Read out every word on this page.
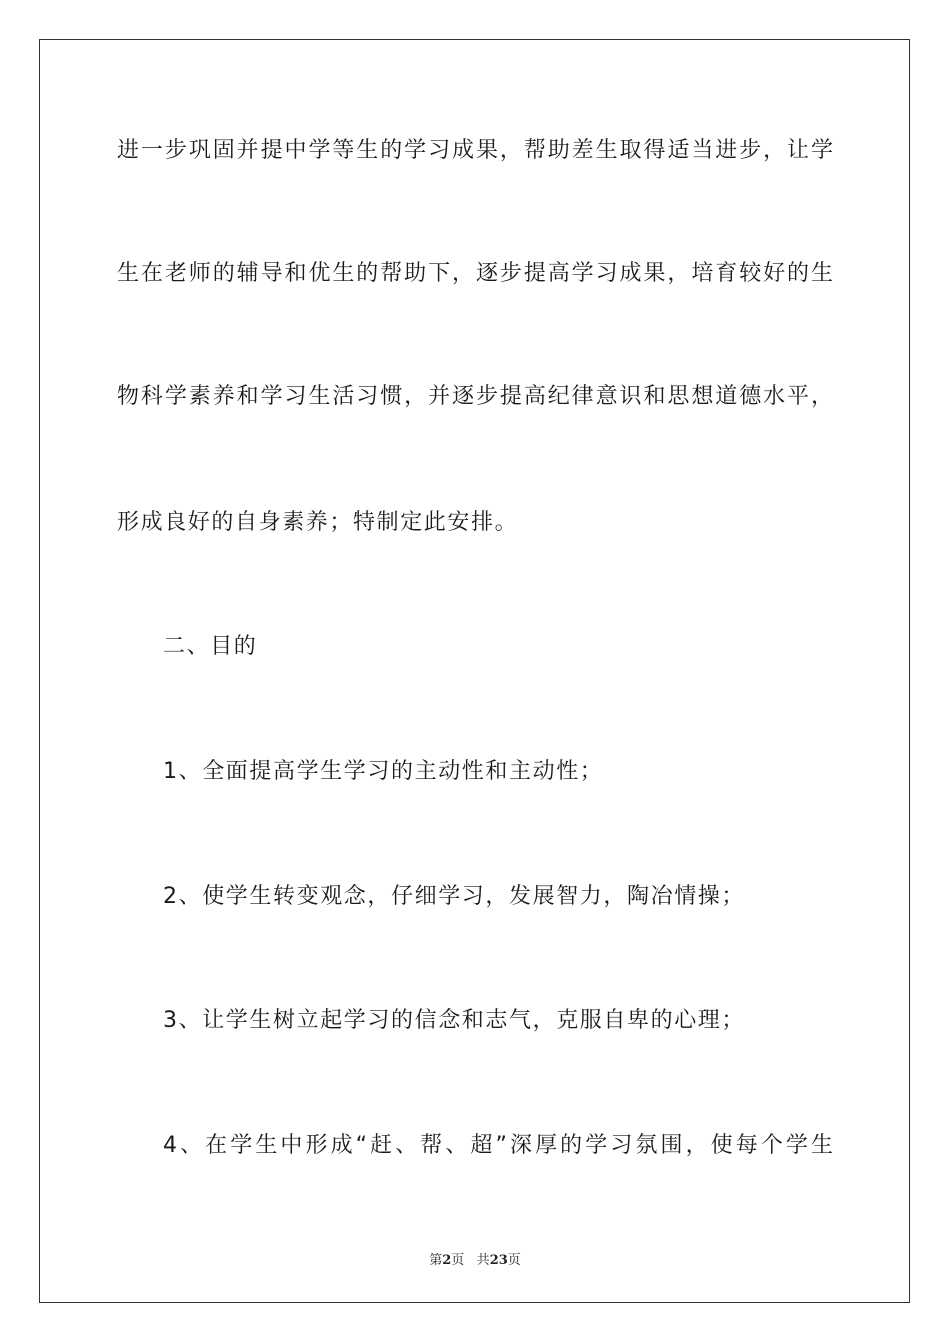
进一步巩固并提中学等生的学习成果，帮助差生取得适当进步，让学
生在老师的辅导和优生的帮助下，逐步提高学习成果，培育较好的生
物科学素养和学习生活习惯，并逐步提高纪律意识和思想道德水平，
形成良好的自身素养；特制定此安排。
二、目的
1、全面提高学生学习的主动性和主动性；
2、使学生转变观念，仔细学习，发展智力，陶冶情操；
3、让学生树立起学习的信念和志气，克服自卑的心理；
4、在学生中形成“赶、帮、超”深厚的学习氛围，使每个学生
第2页 共23页
